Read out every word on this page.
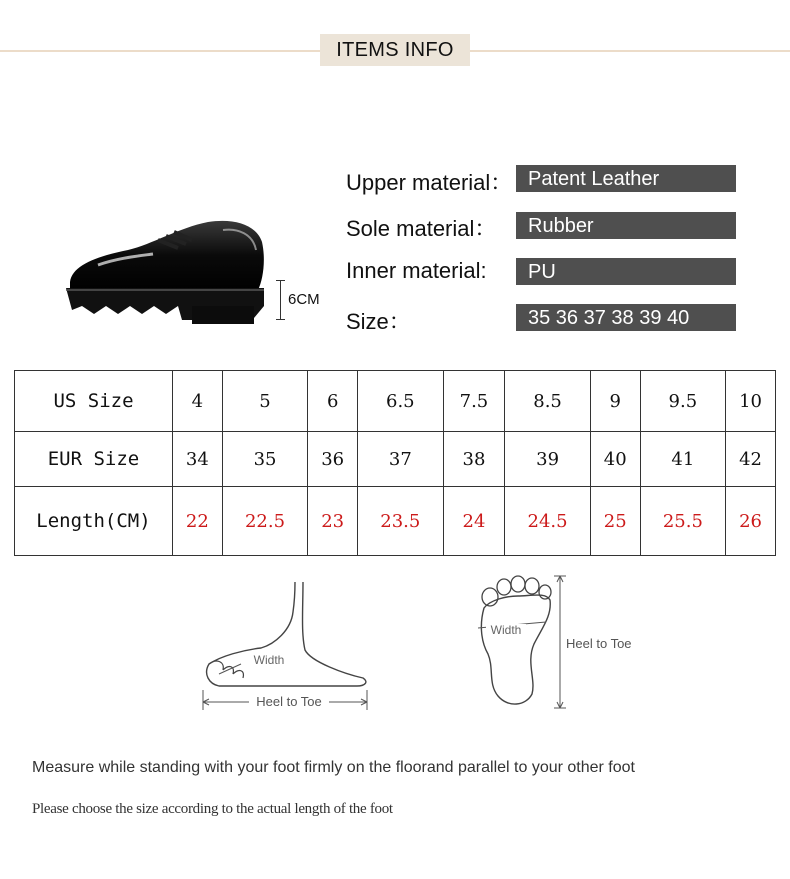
ITEMS INFO
6CM
Upper material： Patent Leather
Sole material：	Rubber
Inner material:	PU
Size：	35 36 37 38 39 40
US Size	4	5	6	6.5	7.5	8.5	9	9.5	10
EUR Size	34	35	36	37	38	39	40	41	42
Length(CM)	22	22.5	23	23.5	24	24.5	25	25.5	26
Heel to Toe
Width
Width
Heel to Toe
Measure while standing with your foot firmly on the floorand parallel to your other foot
Please choose the size according to the actual length of the foot
